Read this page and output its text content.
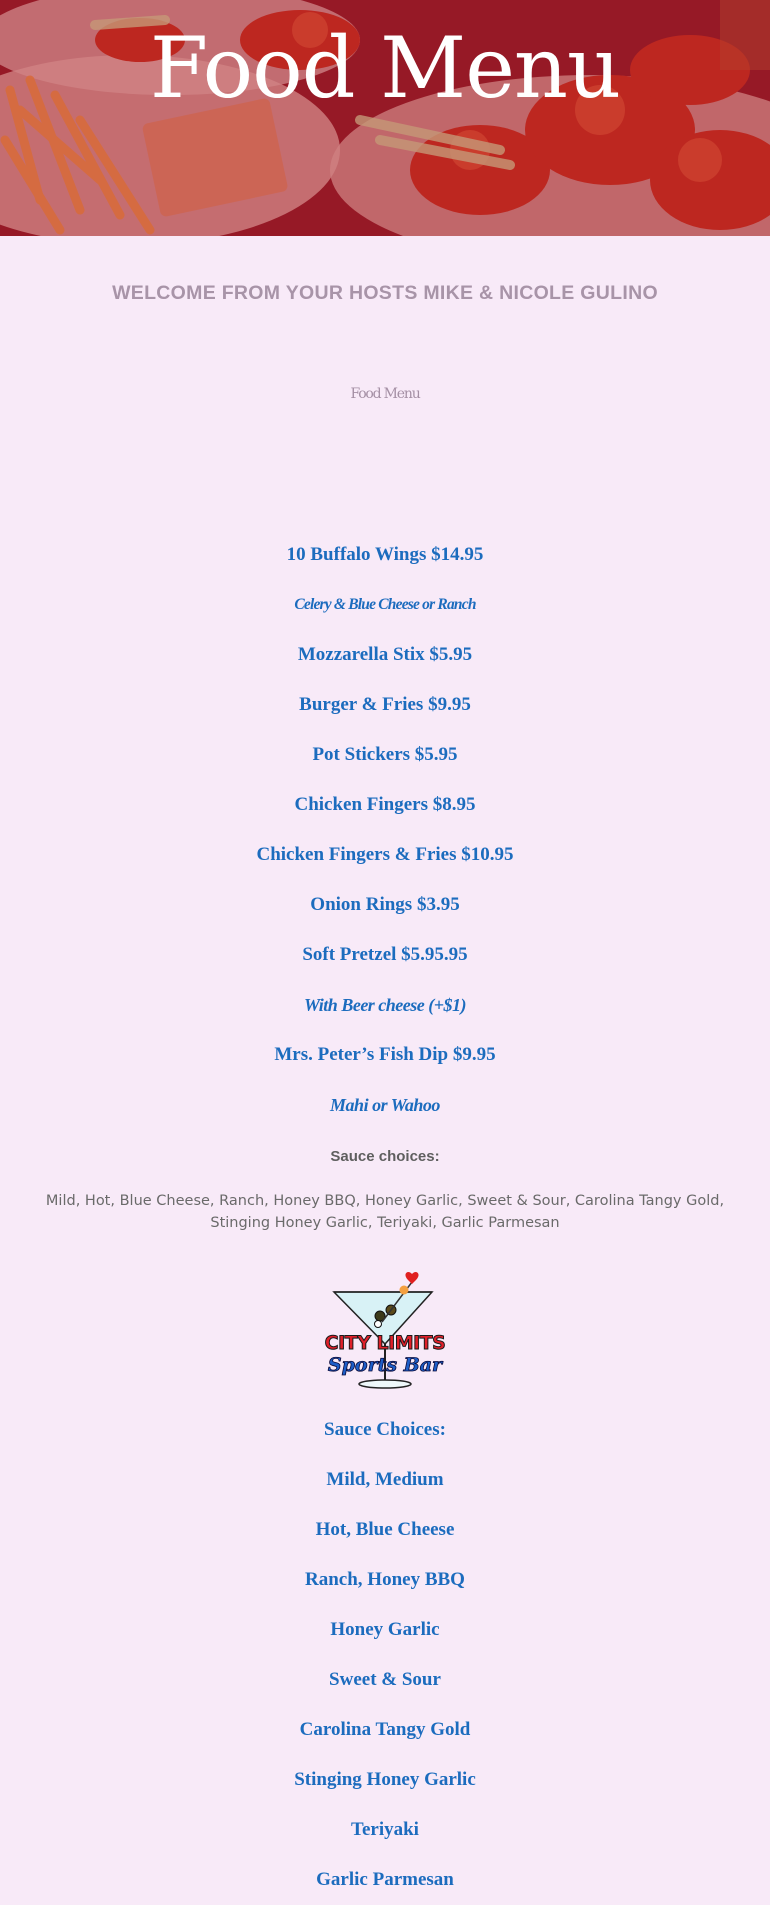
Food Menu
WELCOME FROM YOUR HOSTS MIKE & NICOLE GULINO

Food Menu

10 Buffalo Wings $14.95
Celery & Blue Cheese or Ranch
Mozzarella Stix $5.95
Burger & Fries $9.95
Pot Stickers $5.95
Chicken Fingers $8.95
Chicken Fingers & Fries $10.95
Onion Rings $3.95
Soft Pretzel $5.95.95
With Beer cheese (+$1)
Mrs. Peter’s Fish Dip $9.95
Mahi or Wahoo

Sauce choices:

Mild, Hot, Blue Cheese, Ranch, Honey BBQ, Honey Garlic, Sweet & Sour, Carolina Tangy Gold, Stinging Honey Garlic, Teriyaki, Garlic Parmesan

CITY LIMITS
Sports Bar
Sauce Choices:
Mild, Medium
Hot, Blue Cheese
Ranch, Honey BBQ
Honey Garlic
Sweet & Sour
Carolina Tangy Gold
Stinging Honey Garlic
Teriyaki
Garlic Parmesan
